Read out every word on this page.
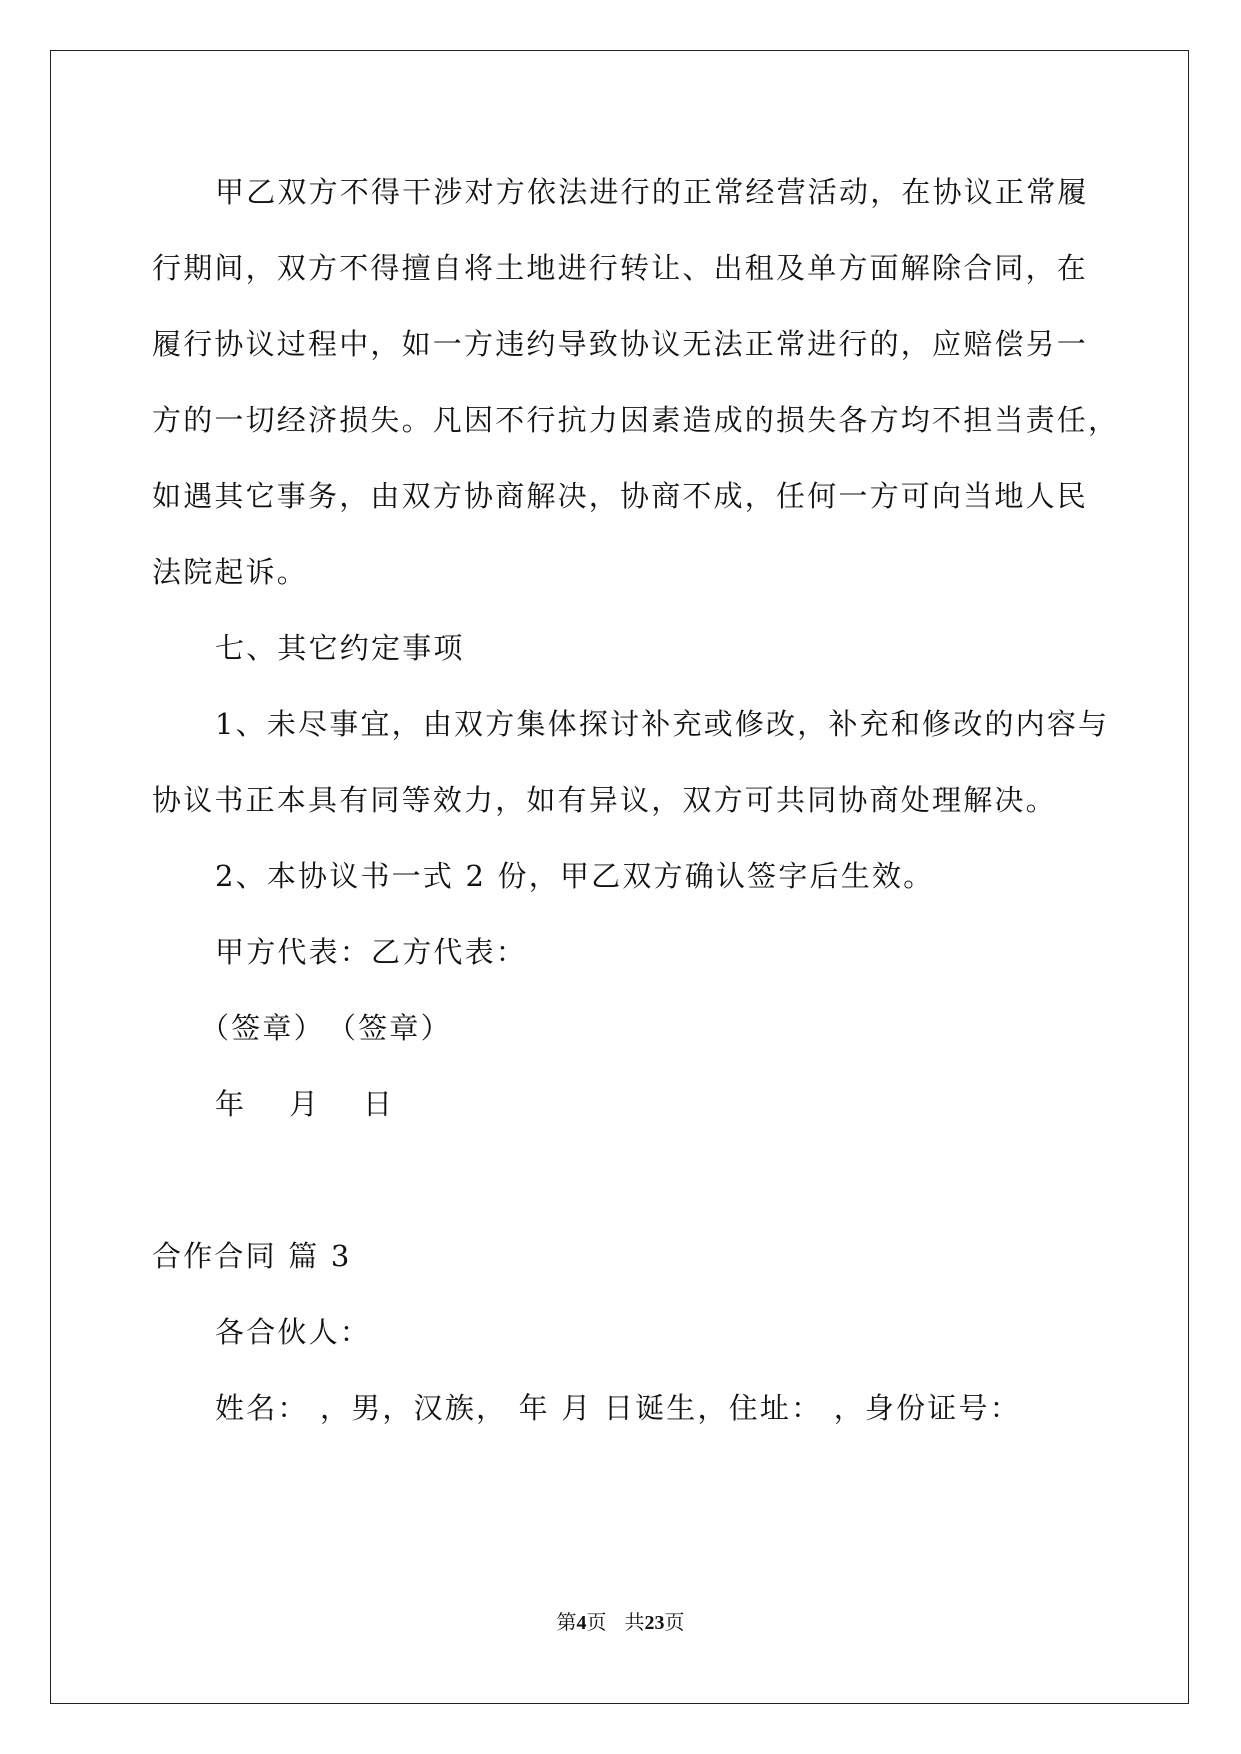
甲乙双方不得干涉对方依法进行的正常经营活动，在协议正常履
行期间，双方不得擅自将土地进行转让、出租及单方面解除合同，在
履行协议过程中，如一方违约导致协议无法正常进行的，应赔偿另一
方的一切经济损失。凡因不行抗力因素造成的损失各方均不担当责任，
如遇其它事务，由双方协商解决，协商不成，任何一方可向当地人民
法院起诉。
七、其它约定事项
1、未尽事宜，由双方集体探讨补充或修改，补充和修改的内容与
协议书正本具有同等效力，如有异议，双方可共同协商处理解决。
2、本协议书一式 2 份，甲乙双方确认签字后生效。
甲方代表：乙方代表：
（签章）　（签章）
年　月　日
合作合同 篇 3
各合伙人：
姓名： ，男，汉族， 年 月 日诞生，住址： ，身份证号：
第4页 共23页
